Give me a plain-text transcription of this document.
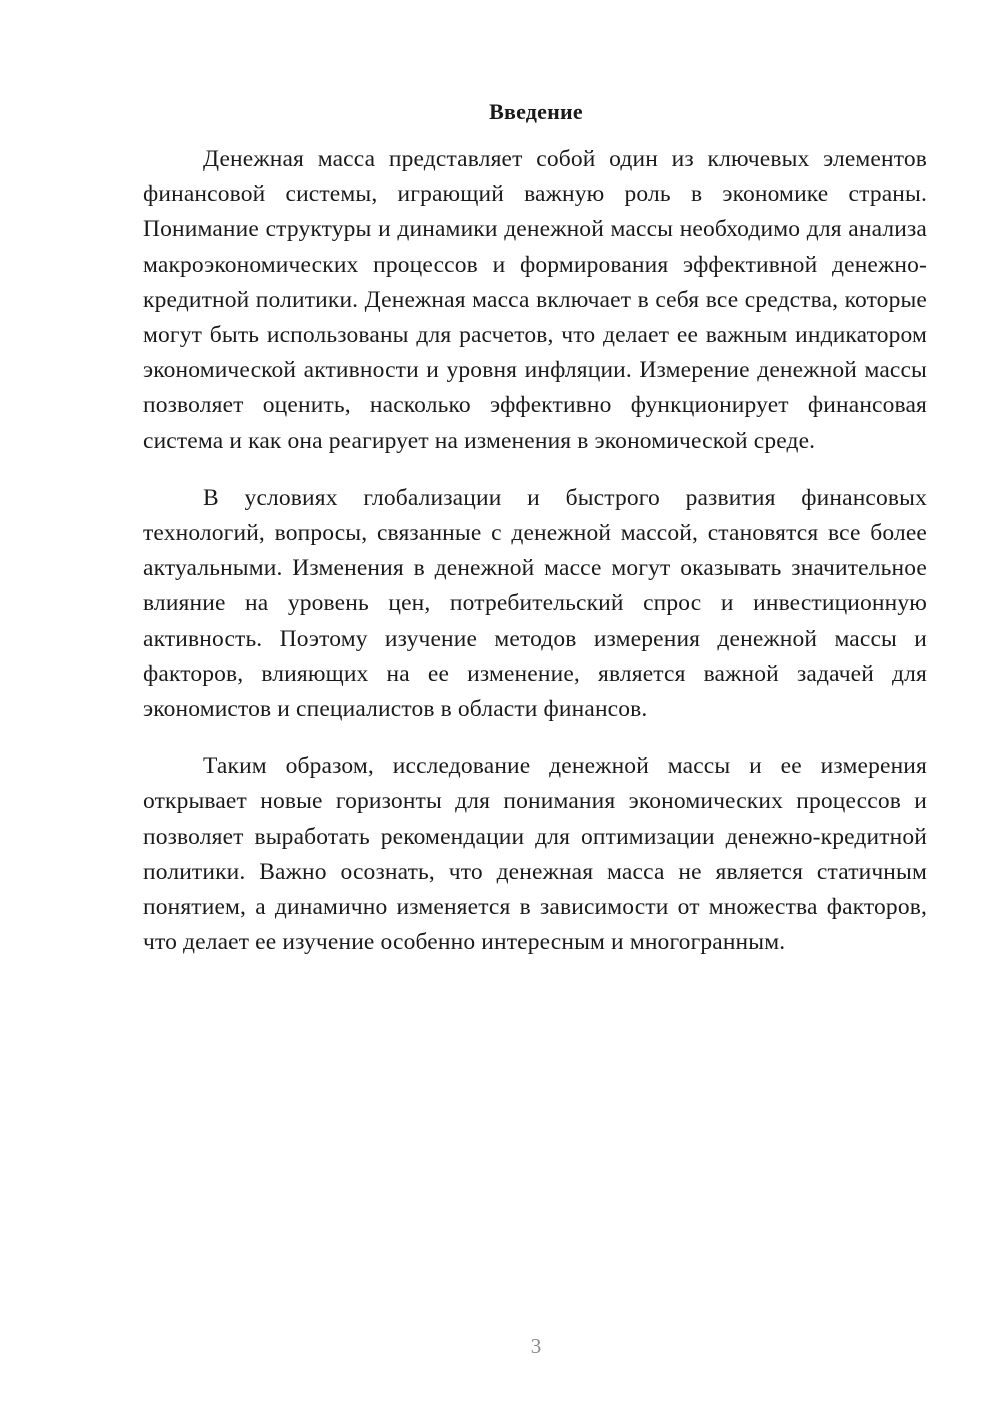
Введение

Денежная масса представляет собой один из ключевых элементов финансовой системы, играющий важную роль в экономике страны. Понимание структуры и динамики денежной массы необходимо для анализа макроэкономических процессов и формирования эффективной денежно-кредитной политики. Денежная масса включает в себя все средства, которые могут быть использованы для расчетов, что делает ее важным индикатором экономической активности и уровня инфляции. Измерение денежной массы позволяет оценить, насколько эффективно функционирует финансовая система и как она реагирует на изменения в экономической среде.

В условиях глобализации и быстрого развития финансовых технологий, вопросы, связанные с денежной массой, становятся все более актуальными. Изменения в денежной массе могут оказывать значительное влияние на уровень цен, потребительский спрос и инвестиционную активность. Поэтому изучение методов измерения денежной массы и факторов, влияющих на ее изменение, является важной задачей для экономистов и специалистов в области финансов.

Таким образом, исследование денежной массы и ее измерения открывает новые горизонты для понимания экономических процессов и позволяет выработать рекомендации для оптимизации денежно-кредитной политики. Важно осознать, что денежная масса не является статичным понятием, а динамично изменяется в зависимости от множества факторов, что делает ее изучение особенно интересным и многогранным.

3
